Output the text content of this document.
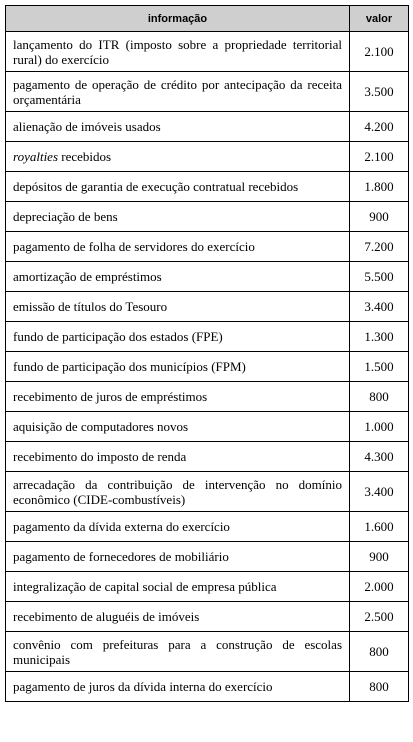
informação	valor
lançamento do ITR (imposto sobre a propriedade territorial rural) do exercício	2.100
pagamento de operação de crédito por antecipação da receita orçamentária	3.500
alienação de imóveis usados	4.200
royalties recebidos	2.100
depósitos de garantia de execução contratual recebidos	1.800
depreciação de bens	900
pagamento de folha de servidores do exercício	7.200
amortização de empréstimos	5.500
emissão de títulos do Tesouro	3.400
fundo de participação dos estados (FPE)	1.300
fundo de participação dos municípios (FPM)	1.500
recebimento de juros de empréstimos	800
aquisição de computadores novos	1.000
recebimento do imposto de renda	4.300
arrecadação da contribuição de intervenção no domínio econômico (CIDE-combustíveis)	3.400
pagamento da dívida externa do exercício	1.600
pagamento de fornecedores de mobiliário	900
integralização de capital social de empresa pública	2.000
recebimento de aluguéis de imóveis	2.500
convênio com prefeituras para a construção de escolas municipais	800
pagamento de juros da dívida interna do exercício	800
